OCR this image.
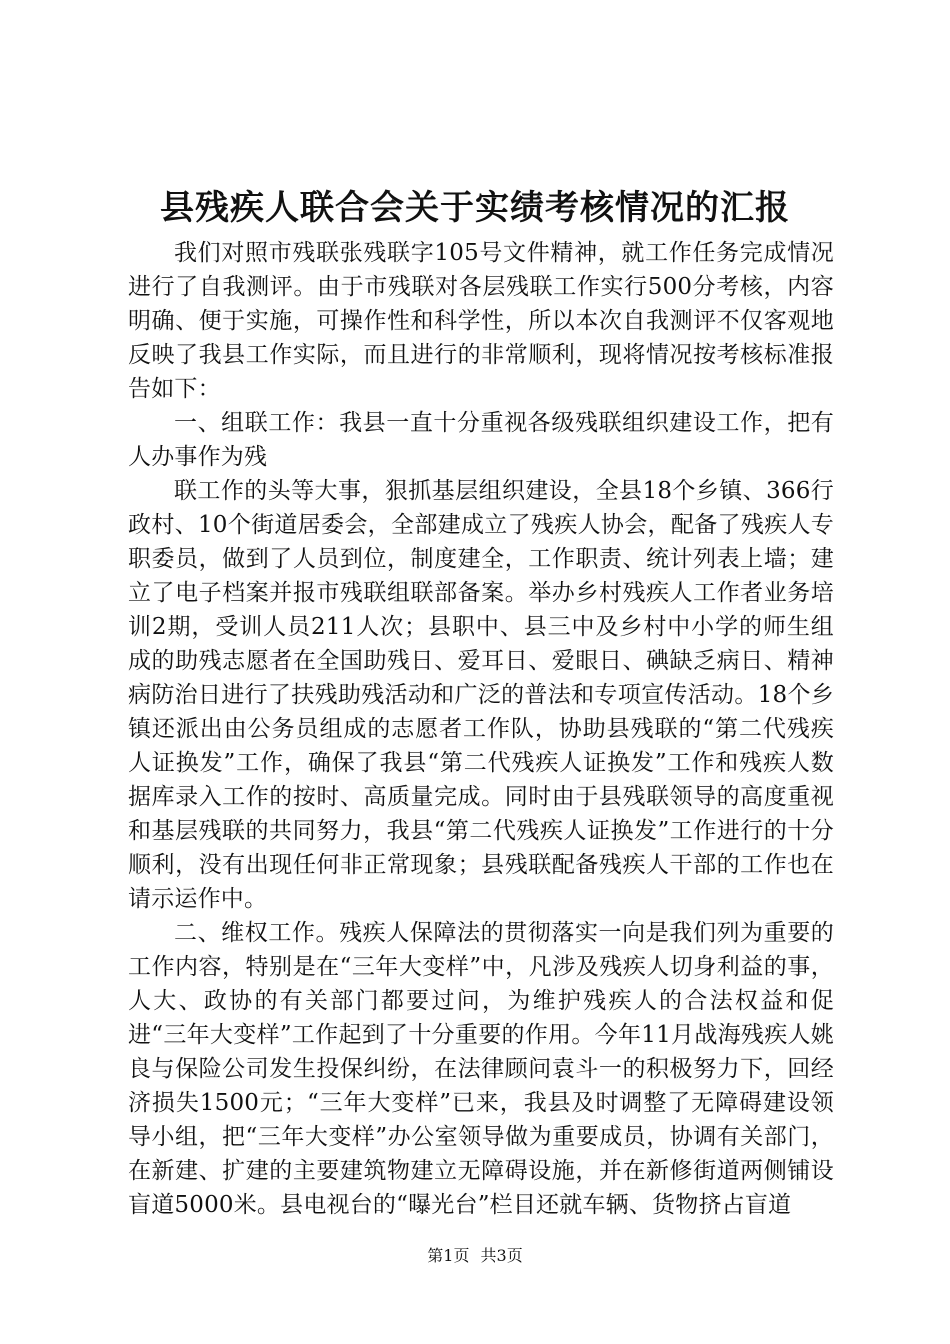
县残疾人联合会关于实绩考核情况的汇报

我们对照市残联张残联字105号文件精神，就工作任务完成情况进行了自我测评。由于市残联对各层残联工作实行500分考核，内容明确、便于实施，可操作性和科学性，所以本次自我测评不仅客观地反映了我县工作实际，而且进行的非常顺利，现将情况按考核标准报告如下：

一、组联工作：我县一直十分重视各级残联组织建设工作，把有人办事作为残

联工作的头等大事，狠抓基层组织建设，全县18个乡镇、366行政村、10个街道居委会，全部建成立了残疾人协会，配备了残疾人专职委员，做到了人员到位，制度建全，工作职责、统计列表上墙；建立了电子档案并报市残联组联部备案。举办乡村残疾人工作者业务培训2期，受训人员211人次；县职中、县三中及乡村中小学的师生组成的助残志愿者在全国助残日、爱耳日、爱眼日、碘缺乏病日、精神病防治日进行了扶残助残活动和广泛的普法和专项宣传活动。18个乡镇还派出由公务员组成的志愿者工作队，协助县残联的“第二代残疾人证换发”工作，确保了我县“第二代残疾人证换发”工作和残疾人数据库录入工作的按时、高质量完成。同时由于县残联领导的高度重视和基层残联的共同努力，我县“第二代残疾人证换发”工作进行的十分顺利，没有出现任何非正常现象；县残联配备残疾人干部的工作也在请示运作中。

二、维权工作。残疾人保障法的贯彻落实一向是我们列为重要的工作内容，特别是在“三年大变样”中，凡涉及残疾人切身利益的事，人大、政协的有关部门都要过问，为维护残疾人的合法权益和促进“三年大变样”工作起到了十分重要的作用。今年11月战海残疾人姚良与保险公司发生投保纠纷，在法律顾问袁斗一的积极努力下，回经济损失1500元；“三年大变样”已来，我县及时调整了无障碍建设领导小组，把“三年大变样”办公室领导做为重要成员，协调有关部门，在新建、扩建的主要建筑物建立无障碍设施，并在新修街道两侧铺设盲道5000米。县电视台的“曝光台”栏目还就车辆、货物挤占盲道

第1页 共3页
